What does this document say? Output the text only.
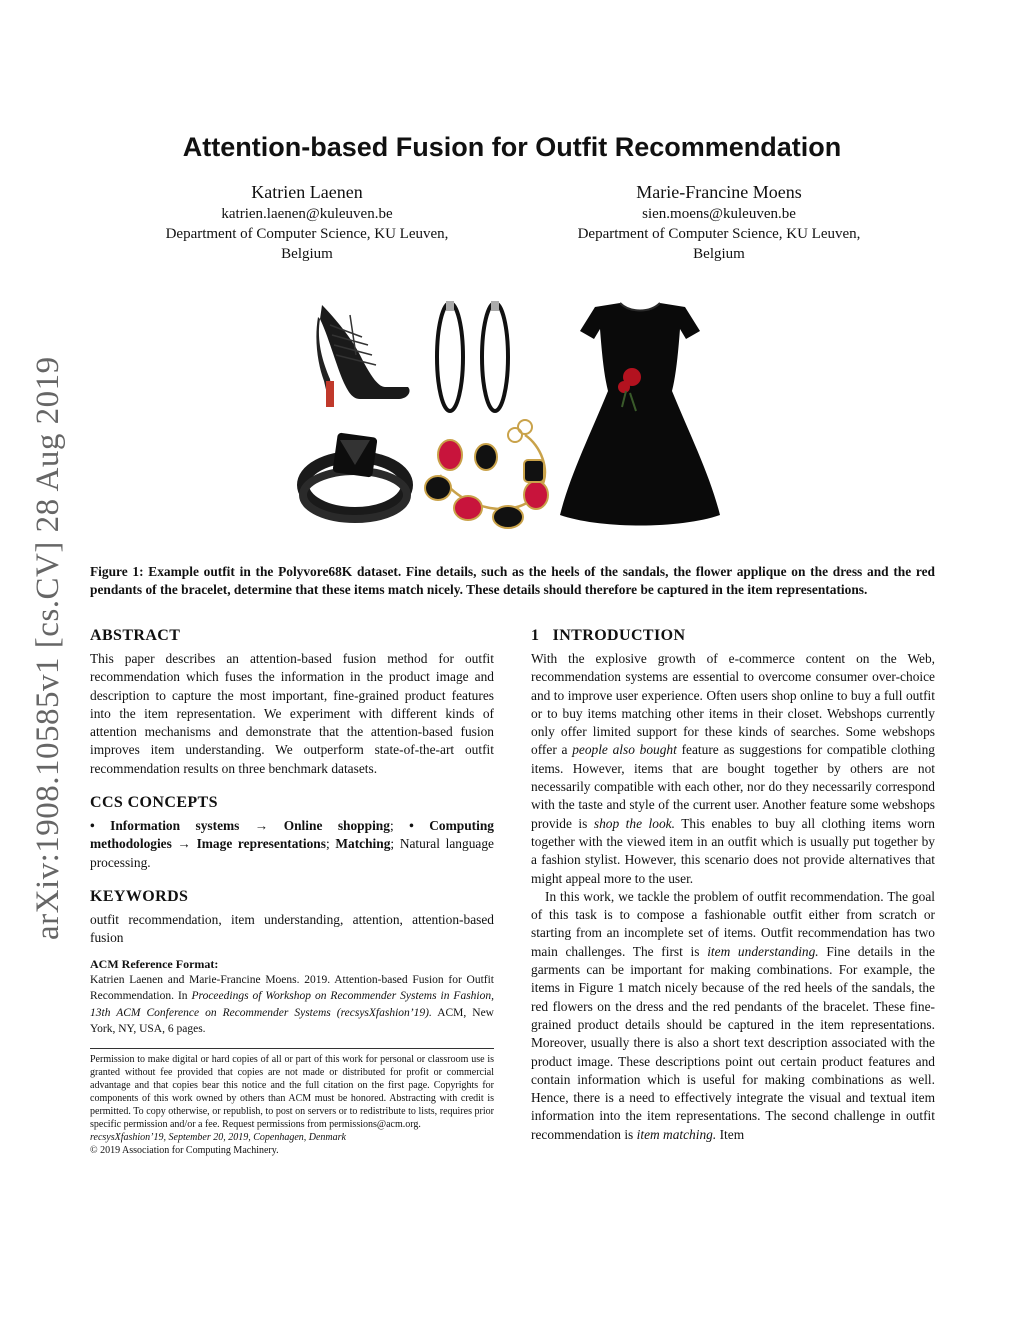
arXiv:1908.10585v1 [cs.CV] 28 Aug 2019
Attention-based Fusion for Outfit Recommendation
Katrien Laenen
katrien.laenen@kuleuven.be
Department of Computer Science, KU Leuven,
Belgium
Marie-Francine Moens
sien.moens@kuleuven.be
Department of Computer Science, KU Leuven,
Belgium
Figure 1: Example outfit in the Polyvore68K dataset. Fine details, such as the heels of the sandals, the flower applique on the dress and the red pendants of the bracelet, determine that these items match nicely. These details should therefore be captured in the item representations.
ABSTRACT

This paper describes an attention-based fusion method for outfit recommendation which fuses the information in the product image and description to capture the most important, fine-grained product features into the item representation. We experiment with different kinds of attention mechanisms and demonstrate that the attention-based fusion improves item understanding. We outperform state-of-the-art outfit recommendation results on three benchmark datasets.

CCS CONCEPTS

• Information systems → Online shopping; • Computing methodologies → Image representations; Matching; Natural language processing.

KEYWORDS

outfit recommendation, item understanding, attention, attention-based fusion

ACM Reference Format:

Katrien Laenen and Marie-Francine Moens. 2019. Attention-based Fusion for Outfit Recommendation. In Proceedings of Workshop on Recommender Systems in Fashion, 13th ACM Conference on Recommender Systems (recsysXfashion’19). ACM, New York, NY, USA, 6 pages.

Permission to make digital or hard copies of all or part of this work for personal or classroom use is granted without fee provided that copies are not made or distributed for profit or commercial advantage and that copies bear this notice and the full citation on the first page. Copyrights for components of this work owned by others than ACM must be honored. Abstracting with credit is permitted. To copy otherwise, or republish, to post on servers or to redistribute to lists, requires prior specific permission and/or a fee. Request permissions from permissions@acm.org.

recsysXfashion’19, September 20, 2019, Copenhagen, Denmark
© 2019 Association for Computing Machinery.
1   INTRODUCTION

With the explosive growth of e-commerce content on the Web, recommendation systems are essential to overcome consumer over-choice and to improve user experience. Often users shop online to buy a full outfit or to buy items matching other items in their closet. Webshops currently only offer limited support for these kinds of searches. Some webshops offer a people also bought feature as suggestions for compatible clothing items. However, items that are bought together by others are not necessarily compatible with each other, nor do they necessarily correspond with the taste and style of the current user. Another feature some webshops provide is shop the look. This enables to buy all clothing items worn together with the viewed item in an outfit which is usually put together by a fashion stylist. However, this scenario does not provide alternatives that might appeal more to the user.

In this work, we tackle the problem of outfit recommendation. The goal of this task is to compose a fashionable outfit either from scratch or starting from an incomplete set of items. Outfit recommendation has two main challenges. The first is item understanding. Fine details in the garments can be important for making combinations. For example, the items in Figure 1 match nicely because of the red heels of the sandals, the red flowers on the dress and the red pendants of the bracelet. These fine-grained product details should be captured in the item representations. Moreover, usually there is also a short text description associated with the product image. These descriptions point out certain product features and contain information which is useful for making combinations as well. Hence, there is a need to effectively integrate the visual and textual item information into the item representations. The second challenge in outfit recommendation is item matching. Item
